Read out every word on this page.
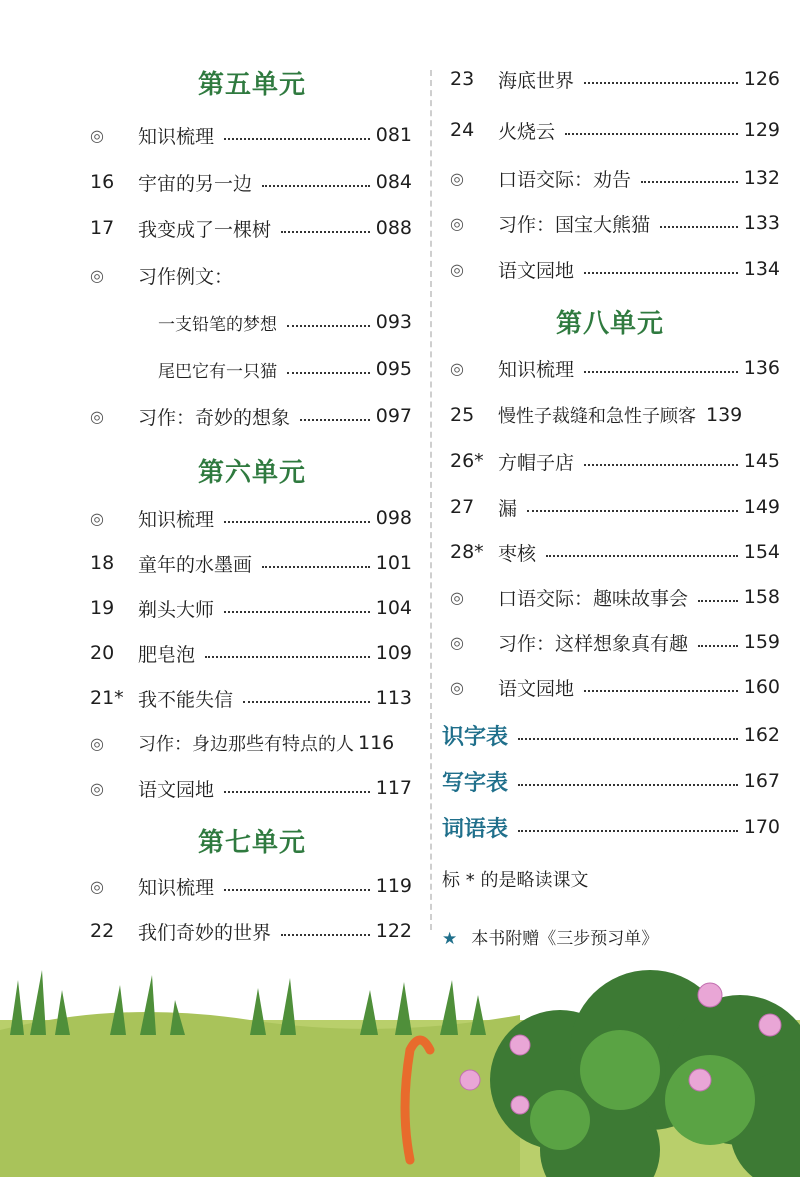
第五单元
◎	知识梳理	081
16	宇宙的另一边	084
17	我变成了一棵树	088
◎	习作例文：
一支铅笔的梦想	093
尾巴它有一只猫	095
◎	习作：奇妙的想象	097
第六单元
◎	知识梳理	098
18	童年的水墨画	101
19	剃头大师	104
20	肥皂泡	109
21* 我不能失信	113
◎	习作：身边那些有特点的人 116
◎	语文园地	117
第七单元
◎	知识梳理	119
22	我们奇妙的世界	122
23	海底世界	126
24	火烧云	129
◎	口语交际：劝告	132
◎	习作：国宝大熊猫	133
◎	语文园地	134
第八单元
◎	知识梳理	136
25	慢性子裁缝和急性子顾客 139
26* 方帽子店	145
27	漏	149
28* 枣核	154
◎	口语交际：趣味故事会	158
◎	习作：这样想象真有趣	159
◎	语文园地	160
识字表	162
写字表	167
词语表	170
标 * 的是略读课文
★ 本书附赠《三步预习单》
